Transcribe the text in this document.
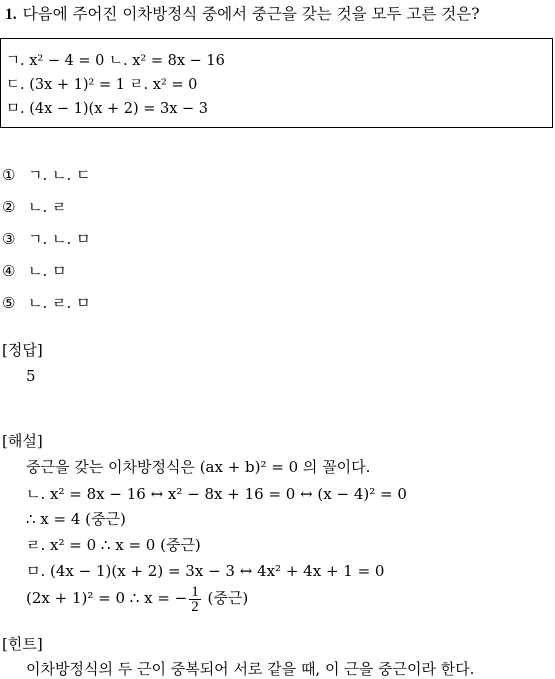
1. 다음에 주어진 이차방정식 중에서 중근을 갖는 것을 모두 고른 것은?
ㄱ. x² − 4 = 0 ㄴ. x² = 8x − 16
ㄷ. (3x + 1)² = 1 ㄹ. x² = 0
ㅁ. (4x − 1)(x + 2) = 3x − 3
① ㄱ. ㄴ. ㄷ
② ㄴ. ㄹ
③ ㄱ. ㄴ. ㅁ
④ ㄴ. ㅁ
⑤ ㄴ. ㄹ. ㅁ
[정답]
5
[해설]
중근을 갖는 이차방정식은 (ax + b)² = 0 의 꼴이다.
ㄴ. x² = 8x − 16 ↔ x² − 8x + 16 = 0 ↔ (x − 4)² = 0
∴ x = 4 (중근)
ㄹ. x² = 0 ∴ x = 0 (중근)
ㅁ. (4x − 1)(x + 2) = 3x − 3 ↔ 4x² + 4x + 1 = 0
(2x + 1)² = 0 ∴ x = − $\frac{1}{2}$ (중근)
[힌트]
이차방정식의 두 근이 중복되어 서로 같을 때, 이 근을 중근이라 한다.
